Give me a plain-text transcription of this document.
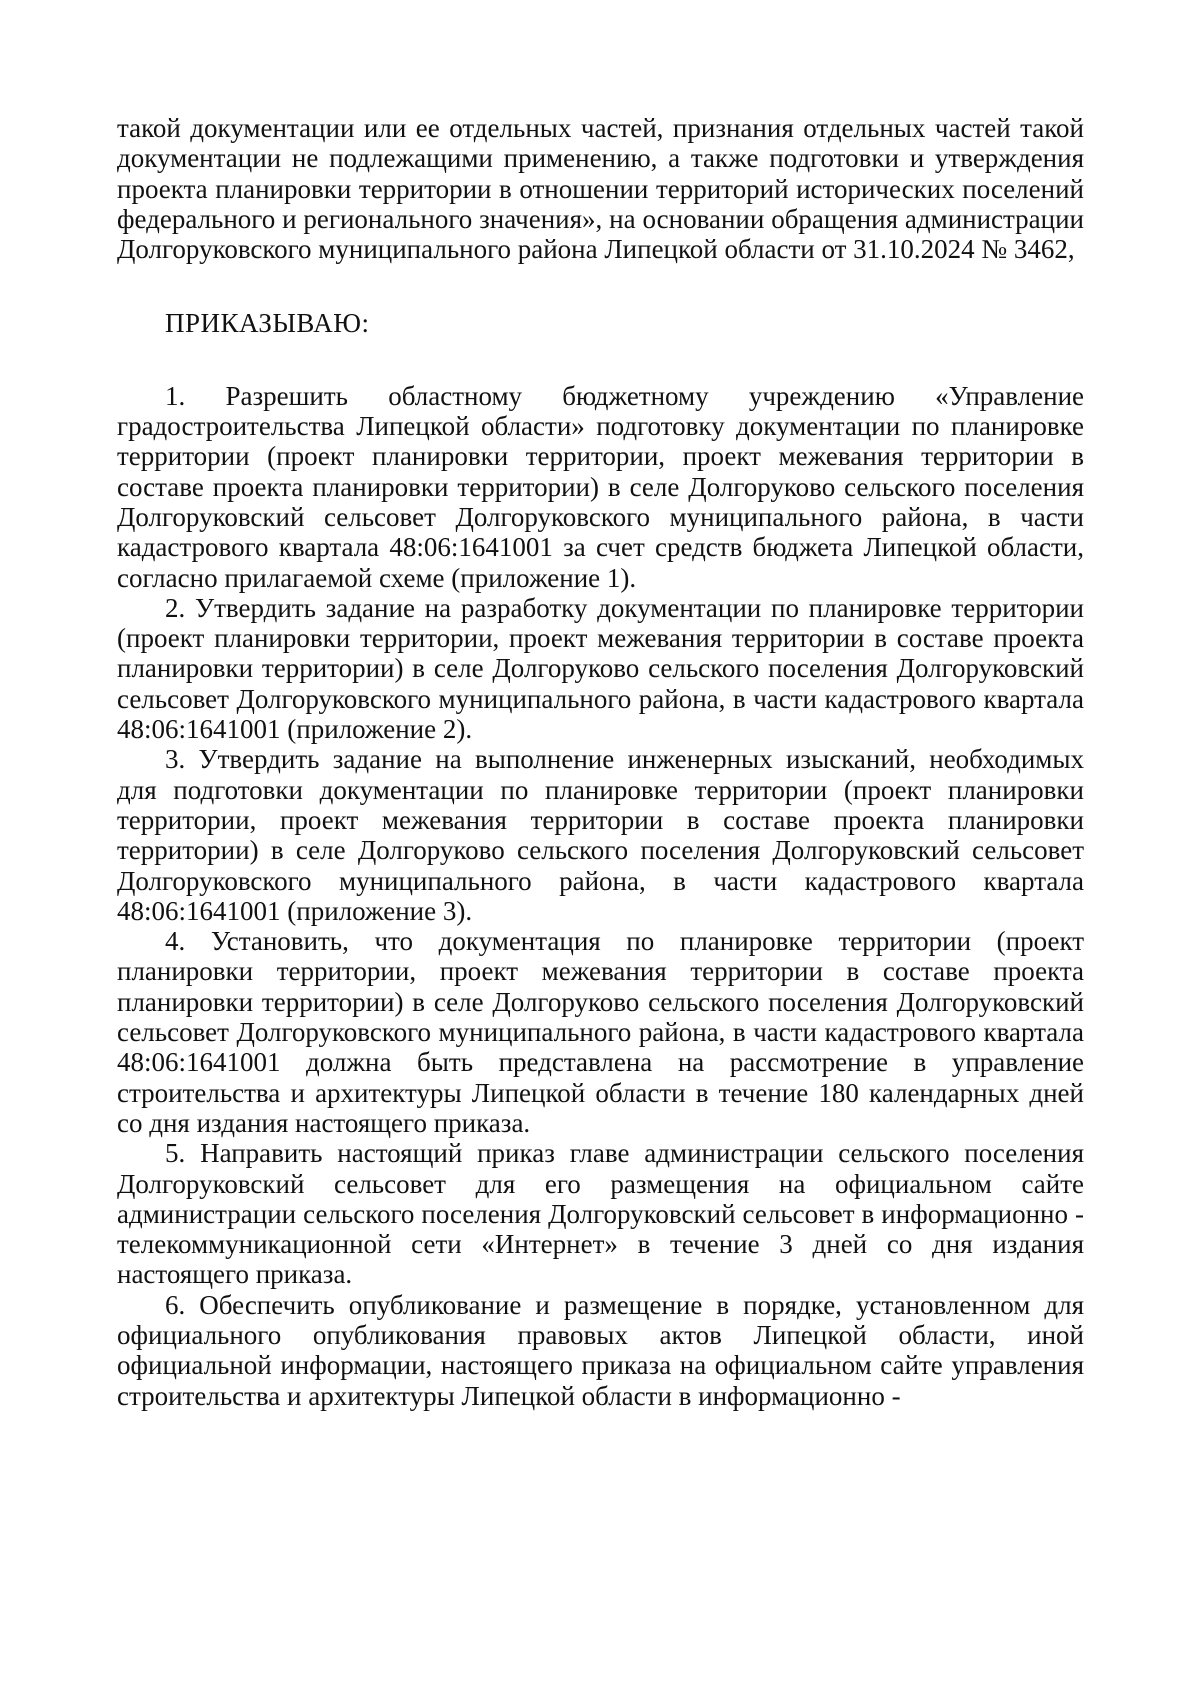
такой документации или ее отдельных частей, признания отдельных частей такой документации не подлежащими применению, а также подготовки и утверждения проекта планировки территории в отношении территорий исторических поселений федерального и регионального значения», на основании обращения администрации Долгоруковского муниципального района Липецкой области от 31.10.2024 № 3462,

ПРИКАЗЫВАЮ:

1. Разрешить областному бюджетному учреждению «Управление градостроительства Липецкой области» подготовку документации по планировке территории (проект планировки территории, проект межевания территории в составе проекта планировки территории) в селе Долгоруково сельского поселения Долгоруковский сельсовет Долгоруковского муниципального района, в части кадастрового квартала 48:06:1641001 за счет средств бюджета Липецкой области, согласно прилагаемой схеме (приложение 1).

2. Утвердить задание на разработку документации по планировке территории (проект планировки территории, проект межевания территории в составе проекта планировки территории) в селе Долгоруково сельского поселения Долгоруковский сельсовет Долгоруковского муниципального района, в части кадастрового квартала 48:06:1641001 (приложение 2).

3. Утвердить задание на выполнение инженерных изысканий, необходимых для подготовки документации по планировке территории (проект планировки территории, проект межевания территории в составе проекта планировки территории) в селе Долгоруково сельского поселения Долгоруковский сельсовет Долгоруковского муниципального района, в части кадастрового квартала 48:06:1641001 (приложение 3).

4. Установить, что документация по планировке территории (проект планировки территории, проект межевания территории в составе проекта планировки территории) в селе Долгоруково сельского поселения Долгоруковский сельсовет Долгоруковского муниципального района, в части кадастрового квартала 48:06:1641001 должна быть представлена на рассмотрение в управление строительства и архитектуры Липецкой области в течение 180 календарных дней со дня издания настоящего приказа.

5. Направить настоящий приказ главе администрации сельского поселения Долгоруковский сельсовет для его размещения на официальном сайте администрации сельского поселения Долгоруковский сельсовет в информационно - телекоммуникационной сети «Интернет» в течение 3 дней со дня издания настоящего приказа.

6. Обеспечить опубликование и размещение в порядке, установленном для официального опубликования правовых актов Липецкой области, иной официальной информации, настоящего приказа на официальном сайте управления строительства и архитектуры Липецкой области в информационно -
